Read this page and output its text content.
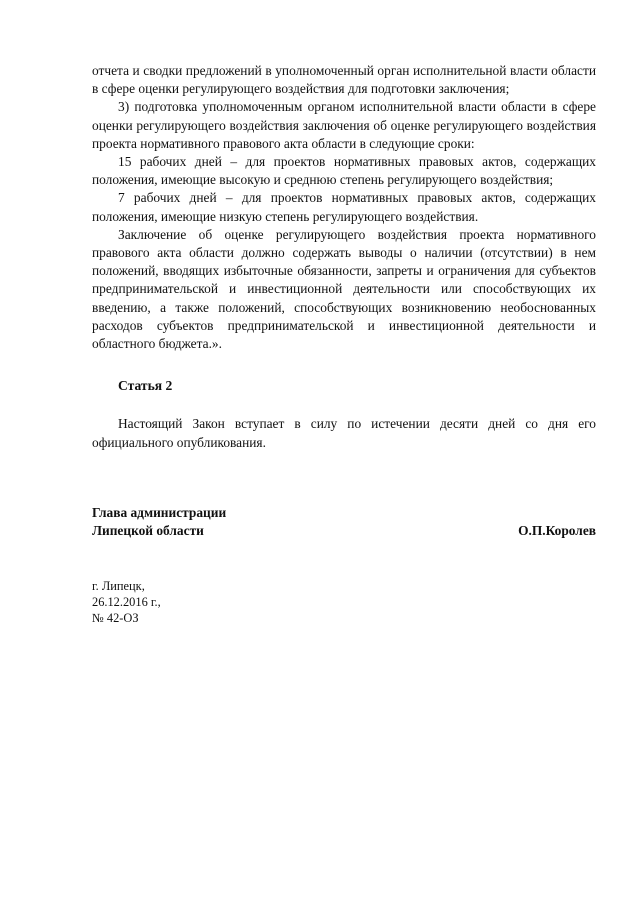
отчета и сводки предложений в уполномоченный орган исполнительной власти области в сфере оценки регулирующего воздействия для подготовки заключения;

3) подготовка уполномоченным органом исполнительной власти области в сфере оценки регулирующего воздействия заключения об оценке регулирующего воздействия проекта нормативного правового акта области в следующие сроки:

15 рабочих дней – для проектов нормативных правовых актов, содержащих положения, имеющие высокую и среднюю степень регулирующего воздействия;

7 рабочих дней – для проектов нормативных правовых актов, содержащих положения, имеющие низкую степень регулирующего воздействия.

Заключение об оценке регулирующего воздействия проекта нормативного правового акта области должно содержать выводы о наличии (отсутствии) в нем положений, вводящих избыточные обязанности, запреты и ограничения для субъектов предпринимательской и инвестиционной деятельности или способствующих их введению, а также положений, способствующих возникновению необоснованных расходов субъектов предпринимательской и инвестиционной деятельности и областного бюджета.».

Статья 2

Настоящий Закон вступает в силу по истечении десяти дней со дня его официального опубликования.

Глава администрации
Липецкой области	О.П.Королев
г. Липецк,
26.12.2016 г.,
№ 42-ОЗ
